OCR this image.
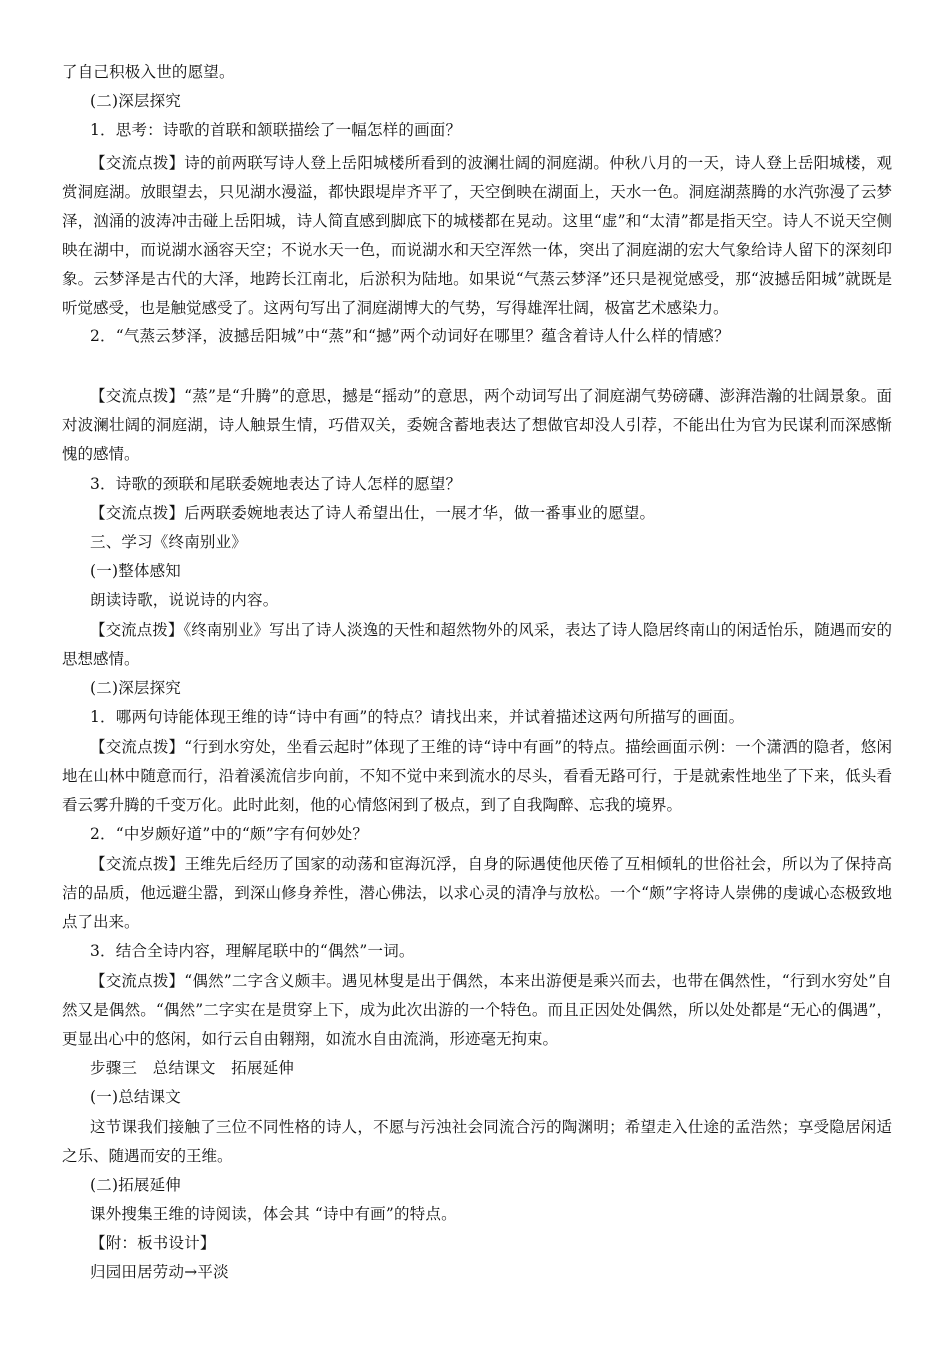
了自己积极入世的愿望。
(二)深层探究
1．思考：诗歌的首联和颔联描绘了一幅怎样的画面？
【交流点拨】诗的前两联写诗人登上岳阳城楼所看到的波澜壮阔的洞庭湖。仲秋八月的一天，诗人登上岳阳城楼，观赏洞庭湖。放眼望去，只见湖水漫溢，都快跟堤岸齐平了，天空倒映在湖面上，天水一色。洞庭湖蒸腾的水汽弥漫了云梦泽，汹涌的波涛冲击碰上岳阳城，诗人简直感到脚底下的城楼都在晃动。这里“虚”和“太清”都是指天空。诗人不说天空侧映在湖中，而说湖水涵容天空；不说水天一色，而说湖水和天空浑然一体，突出了洞庭湖的宏大气象给诗人留下的深刻印象。云梦泽是古代的大泽，地跨长江南北，后淤积为陆地。如果说“气蒸云梦泽”还只是视觉感受，那“波撼岳阳城”就既是听觉感受，也是触觉感受了。这两句写出了洞庭湖博大的气势，写得雄浑壮阔，极富艺术感染力。
2．“气蒸云梦泽，波撼岳阳城”中“蒸”和“撼”两个动词好在哪里？蕴含着诗人什么样的情感？
【交流点拨】“蒸”是“升腾”的意思，撼是“摇动”的意思，两个动词写出了洞庭湖气势磅礴、澎湃浩瀚的壮阔景象。面对波澜壮阔的洞庭湖，诗人触景生情，巧借双关，委婉含蓄地表达了想做官却没人引荐，不能出仕为官为民谋利而深感惭愧的感情。
3．诗歌的颈联和尾联委婉地表达了诗人怎样的愿望？
【交流点拨】后两联委婉地表达了诗人希望出仕，一展才华，做一番事业的愿望。
三、学习《终南别业》
(一)整体感知
朗读诗歌，说说诗的内容。
【交流点拨】《终南别业》写出了诗人淡逸的天性和超然物外的风采，表达了诗人隐居终南山的闲适怡乐，随遇而安的思想感情。
(二)深层探究
1．哪两句诗能体现王维的诗“诗中有画”的特点？请找出来，并试着描述这两句所描写的画面。
【交流点拨】“行到水穷处，坐看云起时”体现了王维的诗“诗中有画”的特点。描绘画面示例：一个潇洒的隐者，悠闲地在山林中随意而行，沿着溪流信步向前，不知不觉中来到流水的尽头，看看无路可行，于是就索性地坐了下来，低头看看云雾升腾的千变万化。此时此刻，他的心情悠闲到了极点，到了自我陶醉、忘我的境界。
2．“中岁颇好道”中的“颇”字有何妙处？
【交流点拨】王维先后经历了国家的动荡和宦海沉浮，自身的际遇使他厌倦了互相倾轧的世俗社会，所以为了保持高洁的品质，他远避尘嚣，到深山修身养性，潜心佛法，以求心灵的清净与放松。一个“颇”字将诗人崇佛的虔诚心态极致地点了出来。
3．结合全诗内容，理解尾联中的“偶然”一词。
【交流点拨】“偶然”二字含义颇丰。遇见林叟是出于偶然，本来出游便是乘兴而去，也带在偶然性，“行到水穷处”自然又是偶然。“偶然”二字实在是贯穿上下，成为此次出游的一个特色。而且正因处处偶然，所以处处都是“无心的偶遇”，更显出心中的悠闲，如行云自由翱翔，如流水自由流淌，形迹毫无拘束。
步骤三　总结课文　拓展延伸
(一)总结课文
这节课我们接触了三位不同性格的诗人，不愿与污浊社会同流合污的陶渊明；希望走入仕途的孟浩然；享受隐居闲适之乐、随遇而安的王维。
(二)拓展延伸
课外搜集王维的诗阅读，体会其 “诗中有画”的特点。
【附：板书设计】
归园田居劳动→平淡
